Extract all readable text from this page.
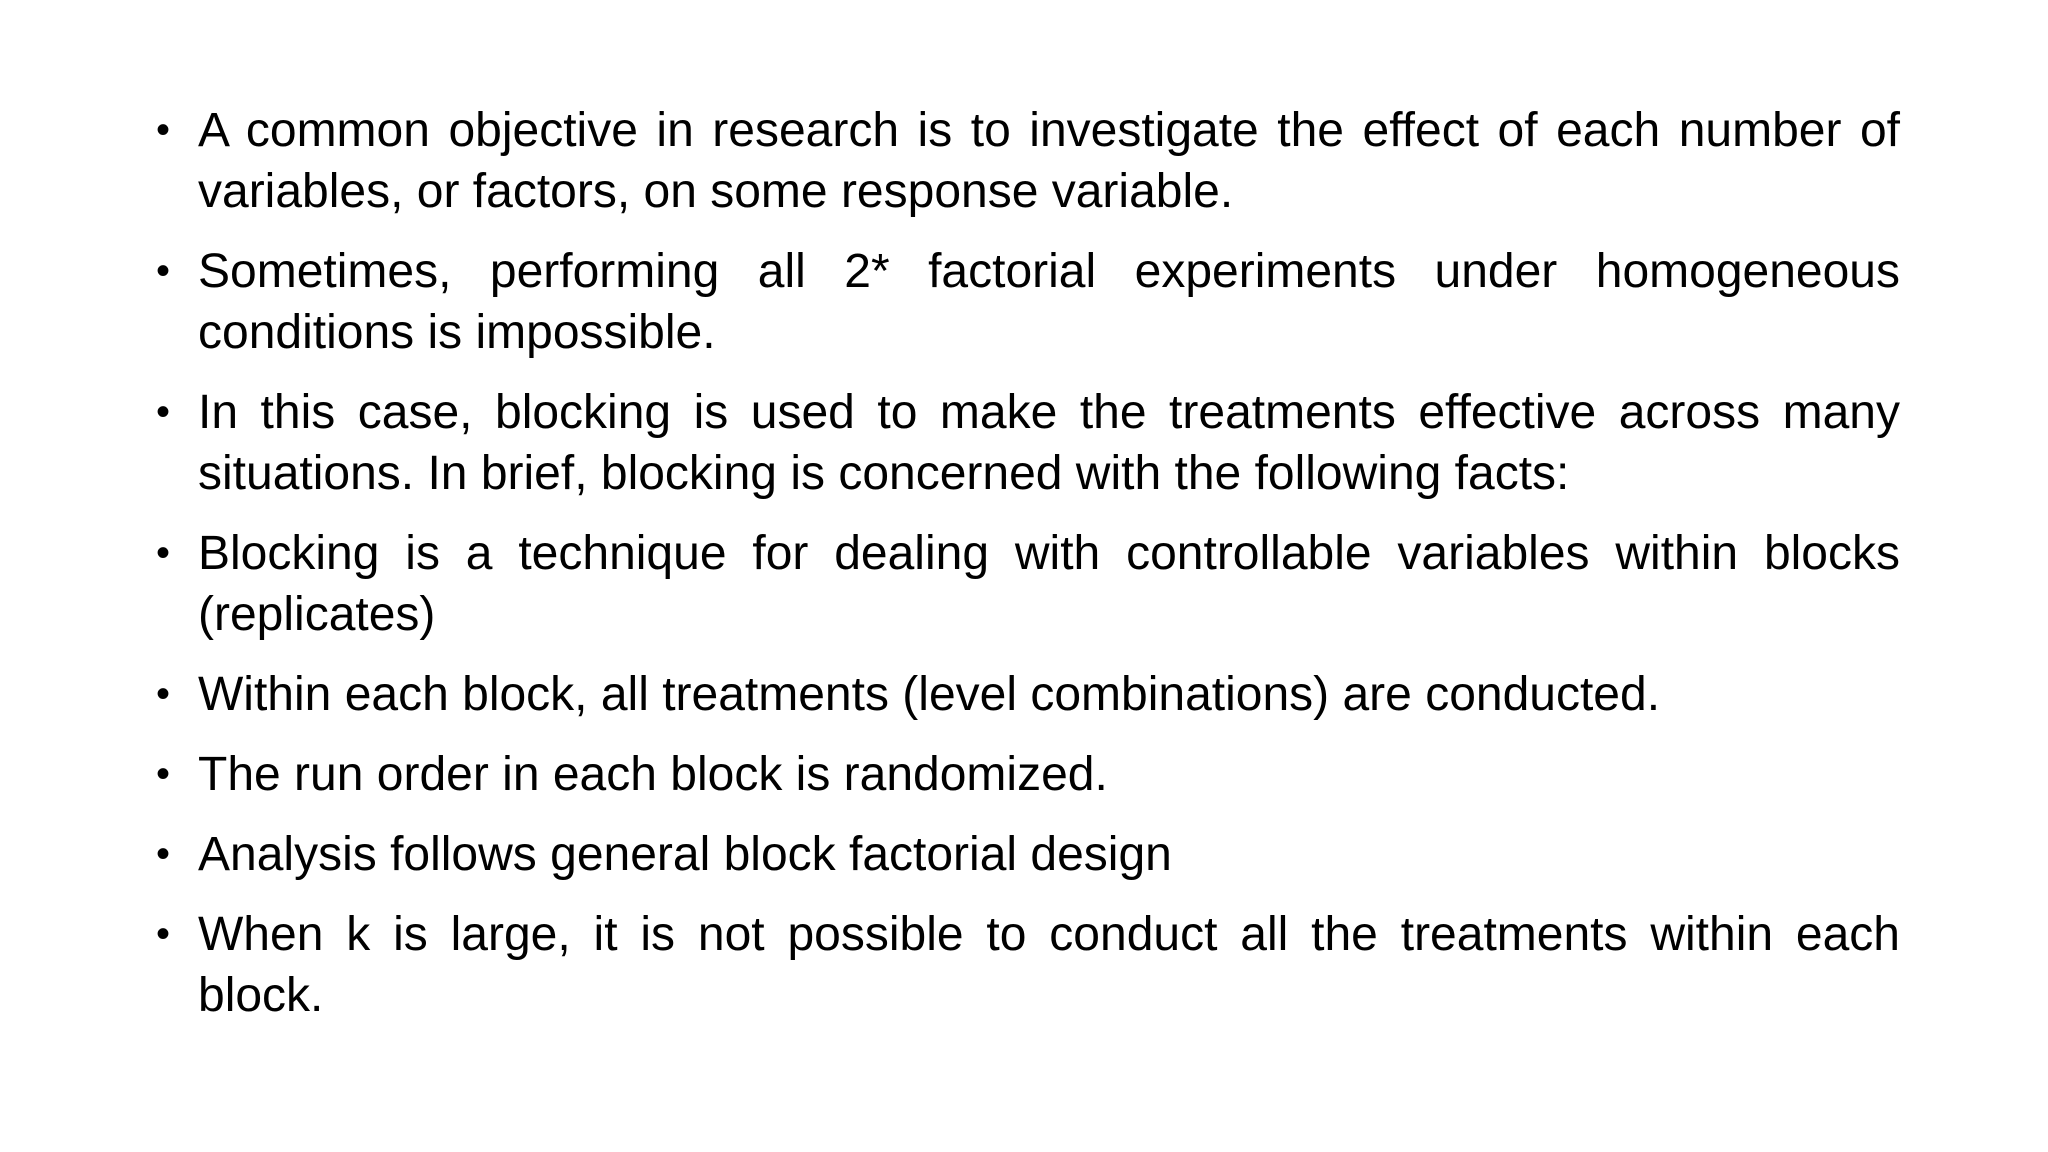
• A common objective in research is to investigate the effect of each number of variables, or factors, on some response variable.
• Sometimes, performing all 2* factorial experiments under homogeneous conditions is impossible.
• In this case, blocking is used to make the treatments effective across many situations. In brief, blocking is concerned with the following facts:
• Blocking is a technique for dealing with controllable variables within blocks (replicates)
• Within each block, all treatments (level combinations) are conducted.
• The run order in each block is randomized.
• Analysis follows general block factorial design
• When k is large, it is not possible to conduct all the treatments within each block.
